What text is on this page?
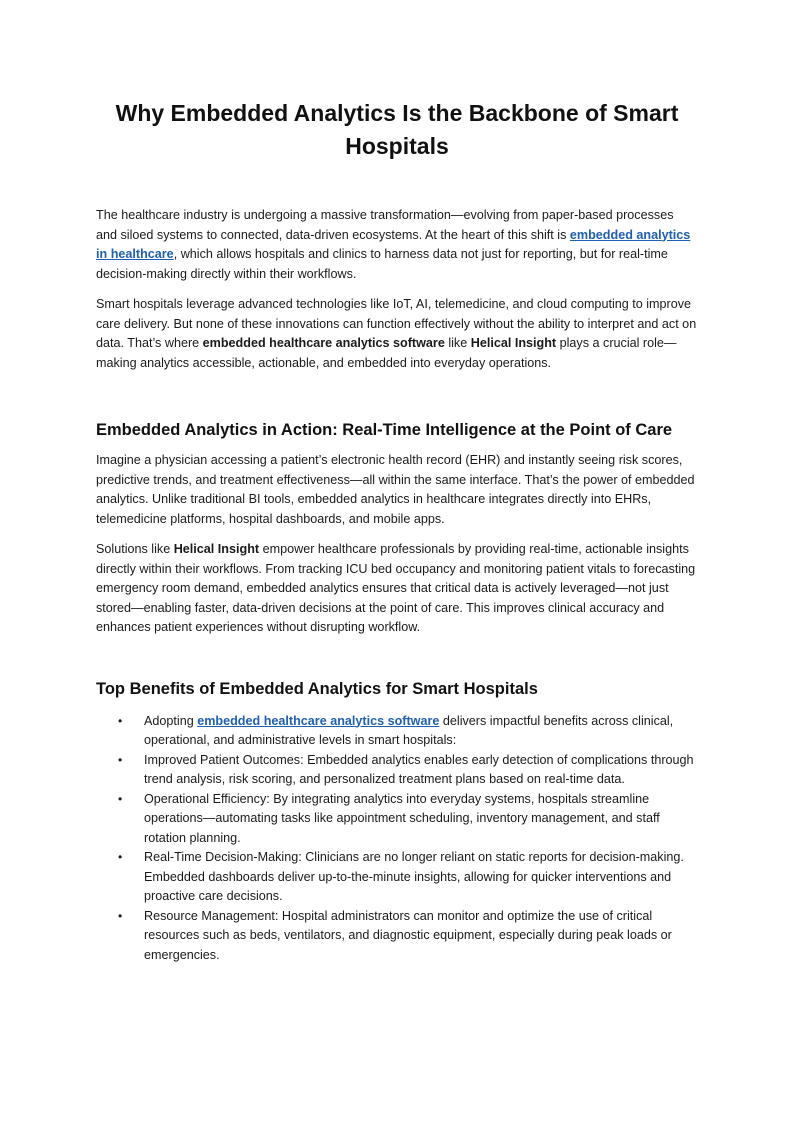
Why Embedded Analytics Is the Backbone of Smart Hospitals

The healthcare industry is undergoing a massive transformation—evolving from paper-based processes and siloed systems to connected, data-driven ecosystems. At the heart of this shift is embedded analytics in healthcare, which allows hospitals and clinics to harness data not just for reporting, but for real-time decision-making directly within their workflows.

Smart hospitals leverage advanced technologies like IoT, AI, telemedicine, and cloud computing to improve care delivery. But none of these innovations can function effectively without the ability to interpret and act on data. That’s where embedded healthcare analytics software like Helical Insight plays a crucial role—making analytics accessible, actionable, and embedded into everyday operations.

Embedded Analytics in Action: Real-Time Intelligence at the Point of Care

Imagine a physician accessing a patient’s electronic health record (EHR) and instantly seeing risk scores, predictive trends, and treatment effectiveness—all within the same interface. That’s the power of embedded analytics. Unlike traditional BI tools, embedded analytics in healthcare integrates directly into EHRs, telemedicine platforms, hospital dashboards, and mobile apps.

Solutions like Helical Insight empower healthcare professionals by providing real-time, actionable insights directly within their workflows. From tracking ICU bed occupancy and monitoring patient vitals to forecasting emergency room demand, embedded analytics ensures that critical data is actively leveraged—not just stored—enabling faster, data-driven decisions at the point of care. This improves clinical accuracy and enhances patient experiences without disrupting workflow.

Top Benefits of Embedded Analytics for Smart Hospitals
• Adopting embedded healthcare analytics software delivers impactful benefits across clinical, operational, and administrative levels in smart hospitals:
• Improved Patient Outcomes: Embedded analytics enables early detection of complications through trend analysis, risk scoring, and personalized treatment plans based on real-time data.
• Operational Efficiency: By integrating analytics into everyday systems, hospitals streamline operations—automating tasks like appointment scheduling, inventory management, and staff rotation planning.
• Real-Time Decision-Making: Clinicians are no longer reliant on static reports for decision-making. Embedded dashboards deliver up-to-the-minute insights, allowing for quicker interventions and proactive care decisions.
• Resource Management: Hospital administrators can monitor and optimize the use of critical resources such as beds, ventilators, and diagnostic equipment, especially during peak loads or emergencies.
